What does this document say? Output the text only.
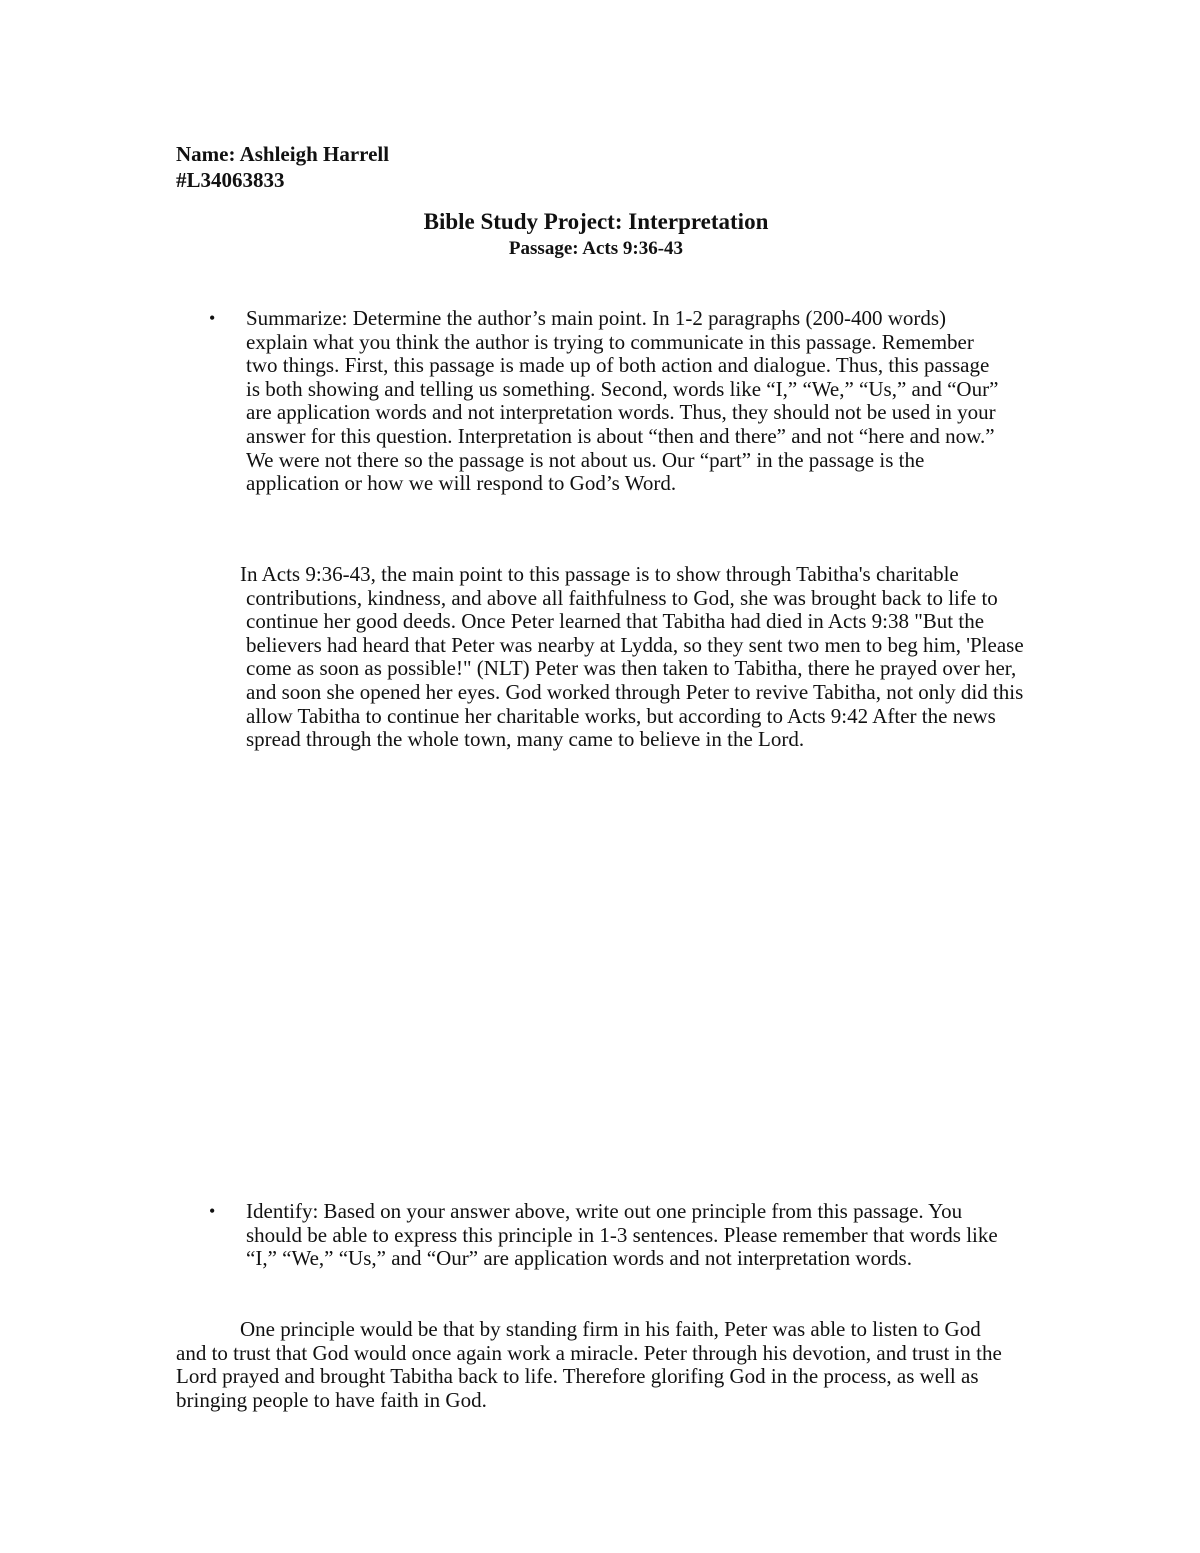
Name: Ashleigh Harrell
#L34063833
Bible Study Project: Interpretation
Passage: Acts 9:36-43
• Summarize: Determine the author’s main point. In 1-2 paragraphs (200-400 words) explain what you think the author is trying to communicate in this passage. Remember two things. First, this passage is made up of both action and dialogue. Thus, this passage is both showing and telling us something. Second, words like “I,” “We,” “Us,” and “Our” are application words and not interpretation words. Thus, they should not be used in your answer for this question. Interpretation is about “then and there” and not “here and now.” We were not there so the passage is not about us. Our “part” in the passage is the application or how we will respond to God’s Word.

In Acts 9:36-43, the main point to this passage is to show through Tabitha's charitable contributions, kindness, and above all faithfulness to God, she was brought back to life to continue her good deeds. Once Peter learned that Tabitha had died in Acts 9:38 "But the believers had heard that Peter was nearby at Lydda, so they sent two men to beg him, 'Please come as soon as possible!" (NLT) Peter was then taken to Tabitha, there he prayed over her, and soon she opened her eyes. God worked through Peter to revive Tabitha, not only did this allow Tabitha to continue her charitable works, but according to Acts 9:42 After the news spread through the whole town, many came to believe in the Lord.

• Identify: Based on your answer above, write out one principle from this passage. You should be able to express this principle in 1-3 sentences. Please remember that words like “I,” “We,” “Us,” and “Our” are application words and not interpretation words.

One principle would be that by standing firm in his faith, Peter was able to listen to God and to trust that God would once again work a miracle. Peter through his devotion, and trust in the Lord prayed and brought Tabitha back to life. Therefore glorifing God in the process, as well as bringing people to have faith in God.
